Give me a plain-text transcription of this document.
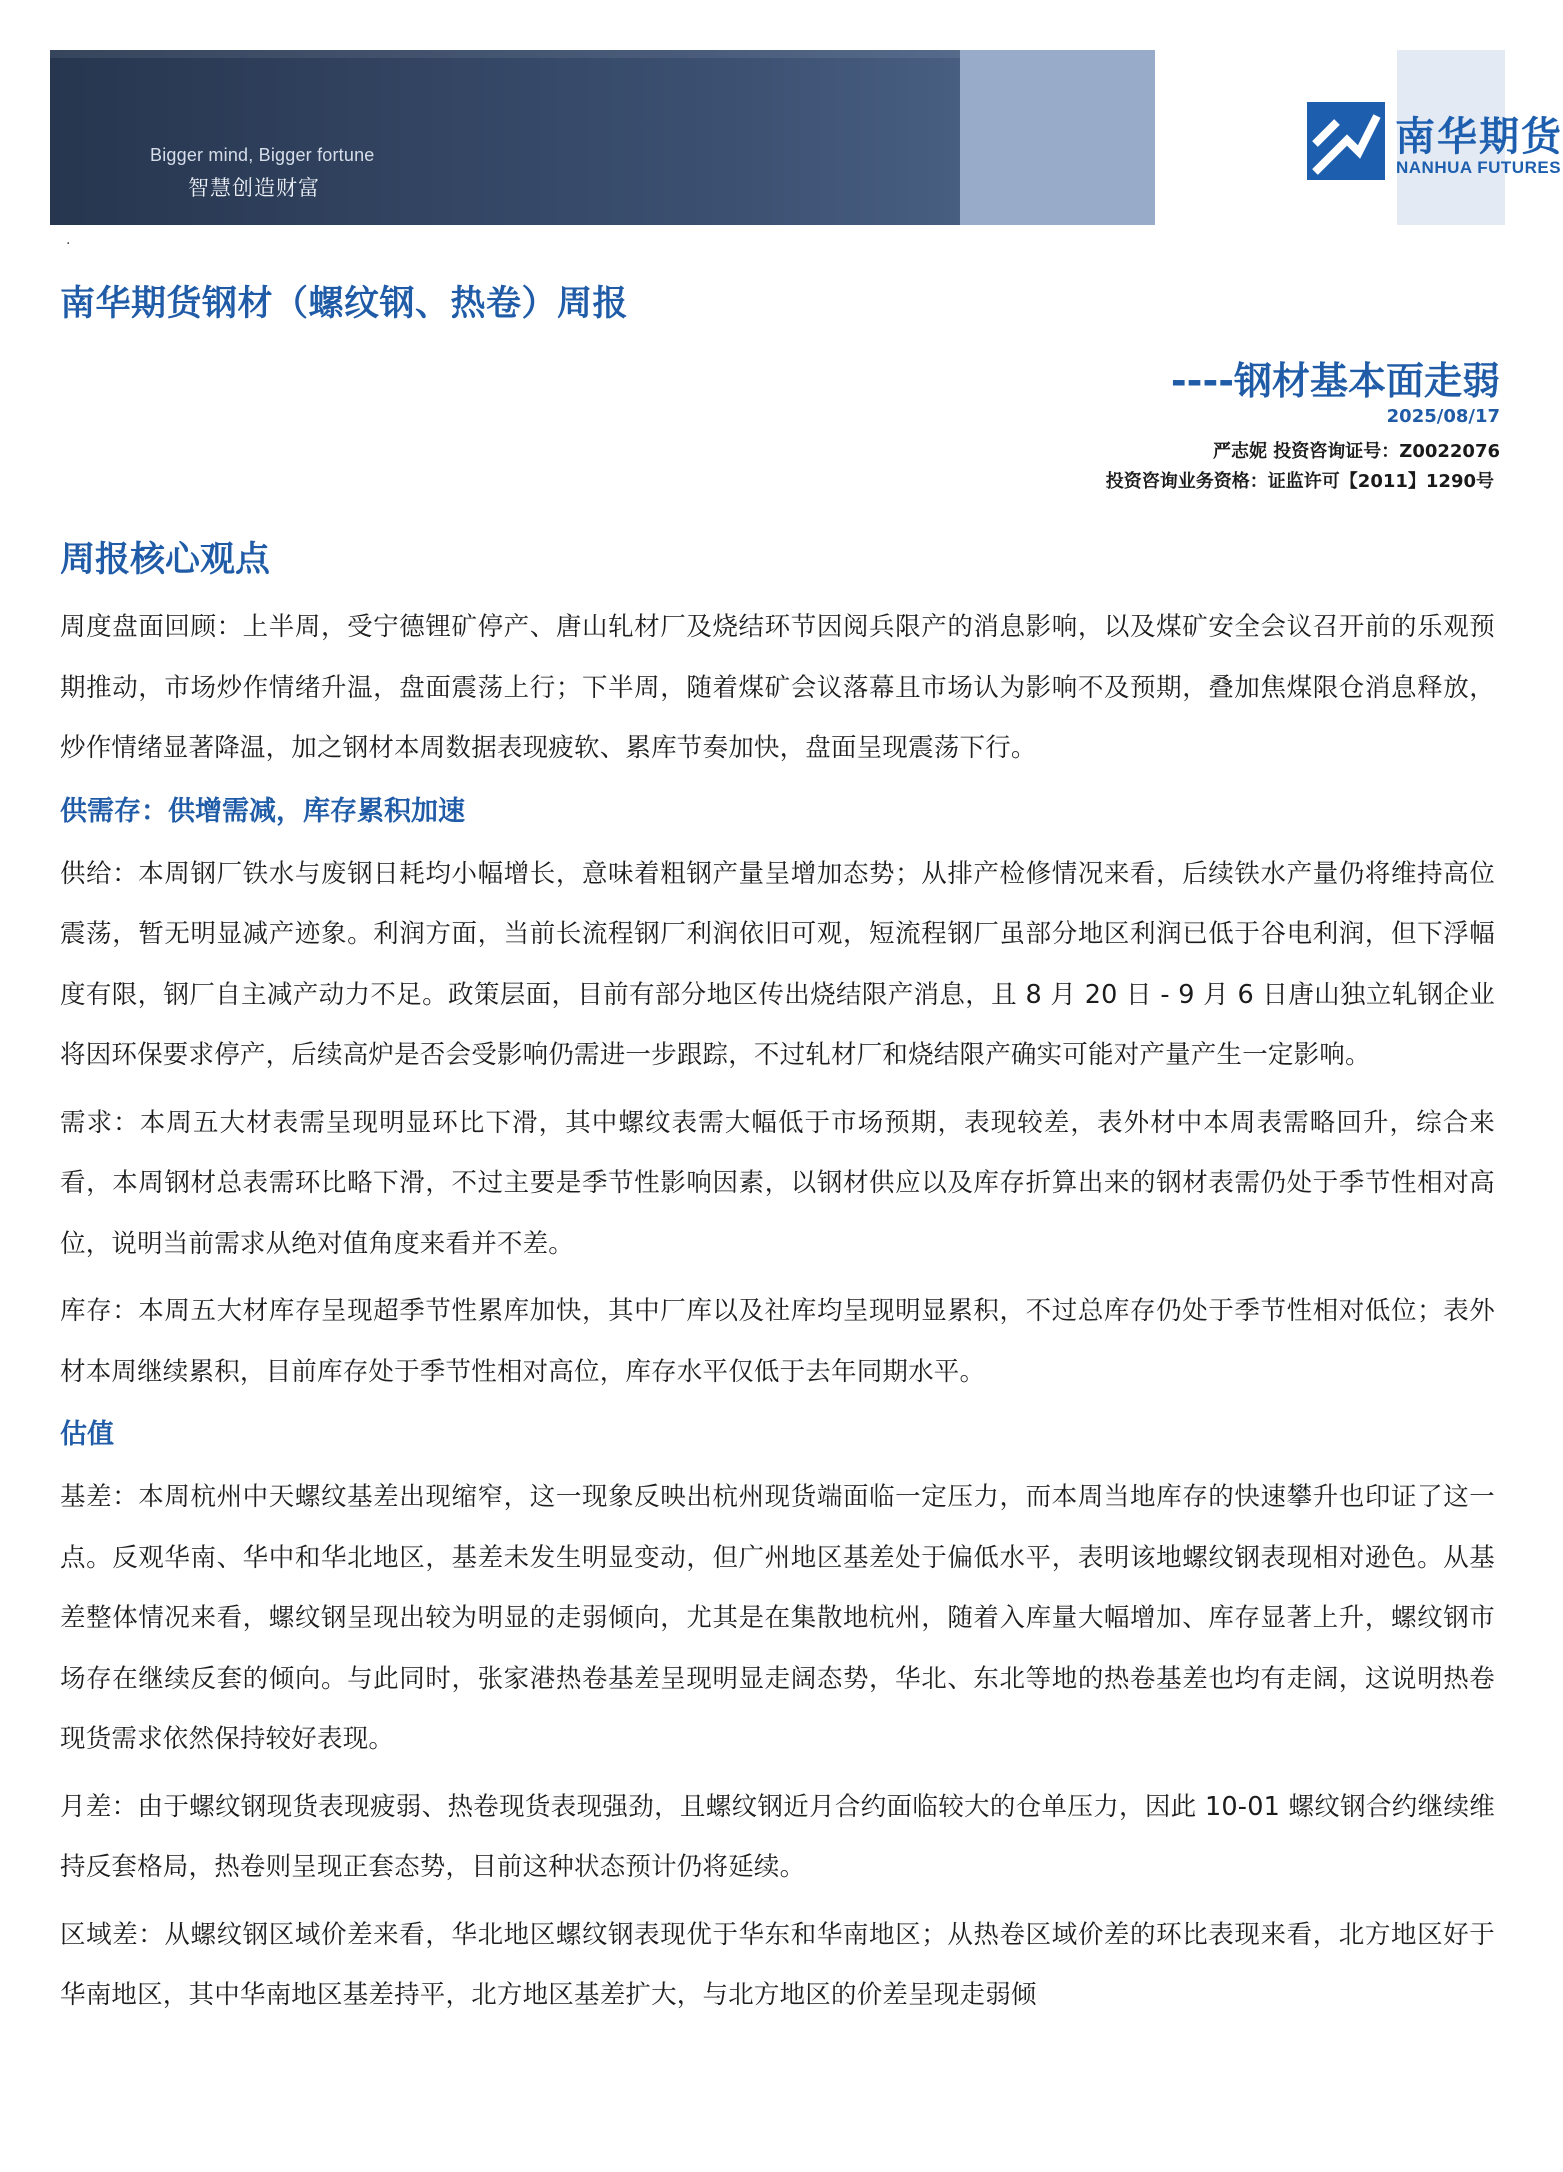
Bigger mind, Bigger fortune
智慧创造财富
南华期货
NANHUA FUTURES
.
南华期货钢材（螺纹钢、热卷）周报
----钢材基本面走弱
2025/08/17
严志妮 投资咨询证号：Z0022076
投资咨询业务资格：证监许可【2011】1290号
周报核心观点

周度盘面回顾：上半周，受宁德锂矿停产、唐山轧材厂及烧结环节因阅兵限产的消息影响，以及煤矿安全会议召开前的乐观预期推动，市场炒作情绪升温，盘面震荡上行；下半周，随着煤矿会议落幕且市场认为影响不及预期，叠加焦煤限仓消息释放，炒作情绪显著降温，加之钢材本周数据表现疲软、累库节奏加快，盘面呈现震荡下行。

供需存：供增需减，库存累积加速

供给：本周钢厂铁水与废钢日耗均小幅增长，意味着粗钢产量呈增加态势；从排产检修情况来看，后续铁水产量仍将维持高位震荡，暂无明显减产迹象。利润方面，当前长流程钢厂利润依旧可观，短流程钢厂虽部分地区利润已低于谷电利润，但下浮幅度有限，钢厂自主减产动力不足。政策层面，目前有部分地区传出烧结限产消息，且 8 月 20 日 - 9 月 6 日唐山独立轧钢企业将因环保要求停产，后续高炉是否会受影响仍需进一步跟踪，不过轧材厂和烧结限产确实可能对产量产生一定影响。

需求：本周五大材表需呈现明显环比下滑，其中螺纹表需大幅低于市场预期，表现较差，表外材中本周表需略回升，综合来看，本周钢材总表需环比略下滑，不过主要是季节性影响因素，以钢材供应以及库存折算出来的钢材表需仍处于季节性相对高位，说明当前需求从绝对值角度来看并不差。

库存：本周五大材库存呈现超季节性累库加快，其中厂库以及社库均呈现明显累积，不过总库存仍处于季节性相对低位；表外材本周继续累积，目前库存处于季节性相对高位，库存水平仅低于去年同期水平。

估值

基差：本周杭州中天螺纹基差出现缩窄，这一现象反映出杭州现货端面临一定压力，而本周当地库存的快速攀升也印证了这一点。反观华南、华中和华北地区，基差未发生明显变动，但广州地区基差处于偏低水平，表明该地螺纹钢表现相对逊色。从基差整体情况来看，螺纹钢呈现出较为明显的走弱倾向，尤其是在集散地杭州，随着入库量大幅增加、库存显著上升，螺纹钢市场存在继续反套的倾向。与此同时，张家港热卷基差呈现明显走阔态势，华北、东北等地的热卷基差也均有走阔，这说明热卷现货需求依然保持较好表现。

月差：由于螺纹钢现货表现疲弱、热卷现货表现强劲，且螺纹钢近月合约面临较大的仓单压力，因此 10-01 螺纹钢合约继续维持反套格局，热卷则呈现正套态势，目前这种状态预计仍将延续。

区域差：从螺纹钢区域价差来看，华北地区螺纹钢表现优于华东和华南地区；从热卷区域价差的环比表现来看，北方地区好于华南地区，其中华南地区基差持平，北方地区基差扩大，与北方地区的价差呈现走弱倾
